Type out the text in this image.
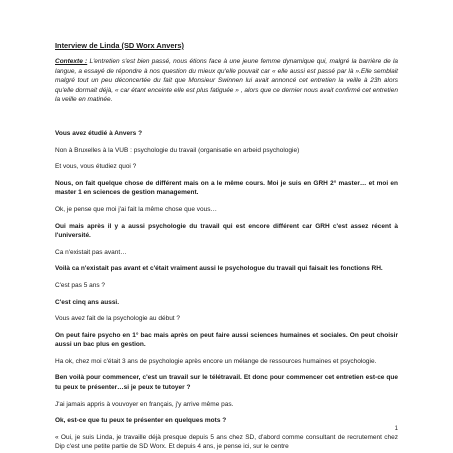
Interview de Linda (SD Worx Anvers)
Contexte : L'entretien s'est bien passé, nous étions face à une jeune femme dynamique qui, malgré la barrière de la langue, a essayé de répondre à nos question du mieux qu'elle pouvait car « elle aussi est passé par là ».Elle semblait malgré tout un peu déconcertée du fait que Monsieur Swinnen lui avait annoncé cet entretien la veille à 23h alors qu'elle dormait déjà, « car étant enceinte elle est plus fatiguée » , alors que ce dernier nous avait confirmé cet entretien la veille en matinée.
Vous avez étudié à Anvers ?
Non à Bruxelles à la VUB : psychologie du travail (organisatie en arbeid psychologie)
Et vous, vous étudiez quoi ?
Nous, on fait quelque chose de différent mais on a le même cours. Moi je suis en GRH 2° master… et moi en master 1 en sciences de gestion management.
Ok, je pense que moi j'ai fait la même chose que vous…
Oui mais après il y a aussi psychologie du travail qui est encore différent car GRH c'est assez récent à l'université.
Ca n'existait pas avant…
Voilà ca n'existait pas avant et c'était vraiment aussi le psychologue du travail qui faisait les fonctions RH.
C'est pas 5 ans ?
C'est cinq ans aussi.
Vous avez fait de la psychologie au début ?
On peut faire psycho en 1° bac mais après on peut faire aussi sciences humaines et sociales. On peut choisir aussi un bac plus en gestion.
Ha ok, chez moi c'était 3 ans de psychologie après encore un mélange de ressources humaines et psychologie.
Ben voilà pour commencer, c'est un travail sur le télétravail. Et donc pour commencer cet entretien est-ce que tu peux te présenter…si je peux te tutoyer ?
J'ai jamais appris à vouvoyer en français, j'y arrive même pas.
Ok, est-ce que tu peux te présenter en quelques mots ?
« Oui, je suis Linda, je travaille déjà presque depuis 5 ans chez SD, d'abord comme consultant de recrutement chez Dip c'est une petite partie de SD Worx. Et depuis 4 ans, je pense ici, sur le centre
1
